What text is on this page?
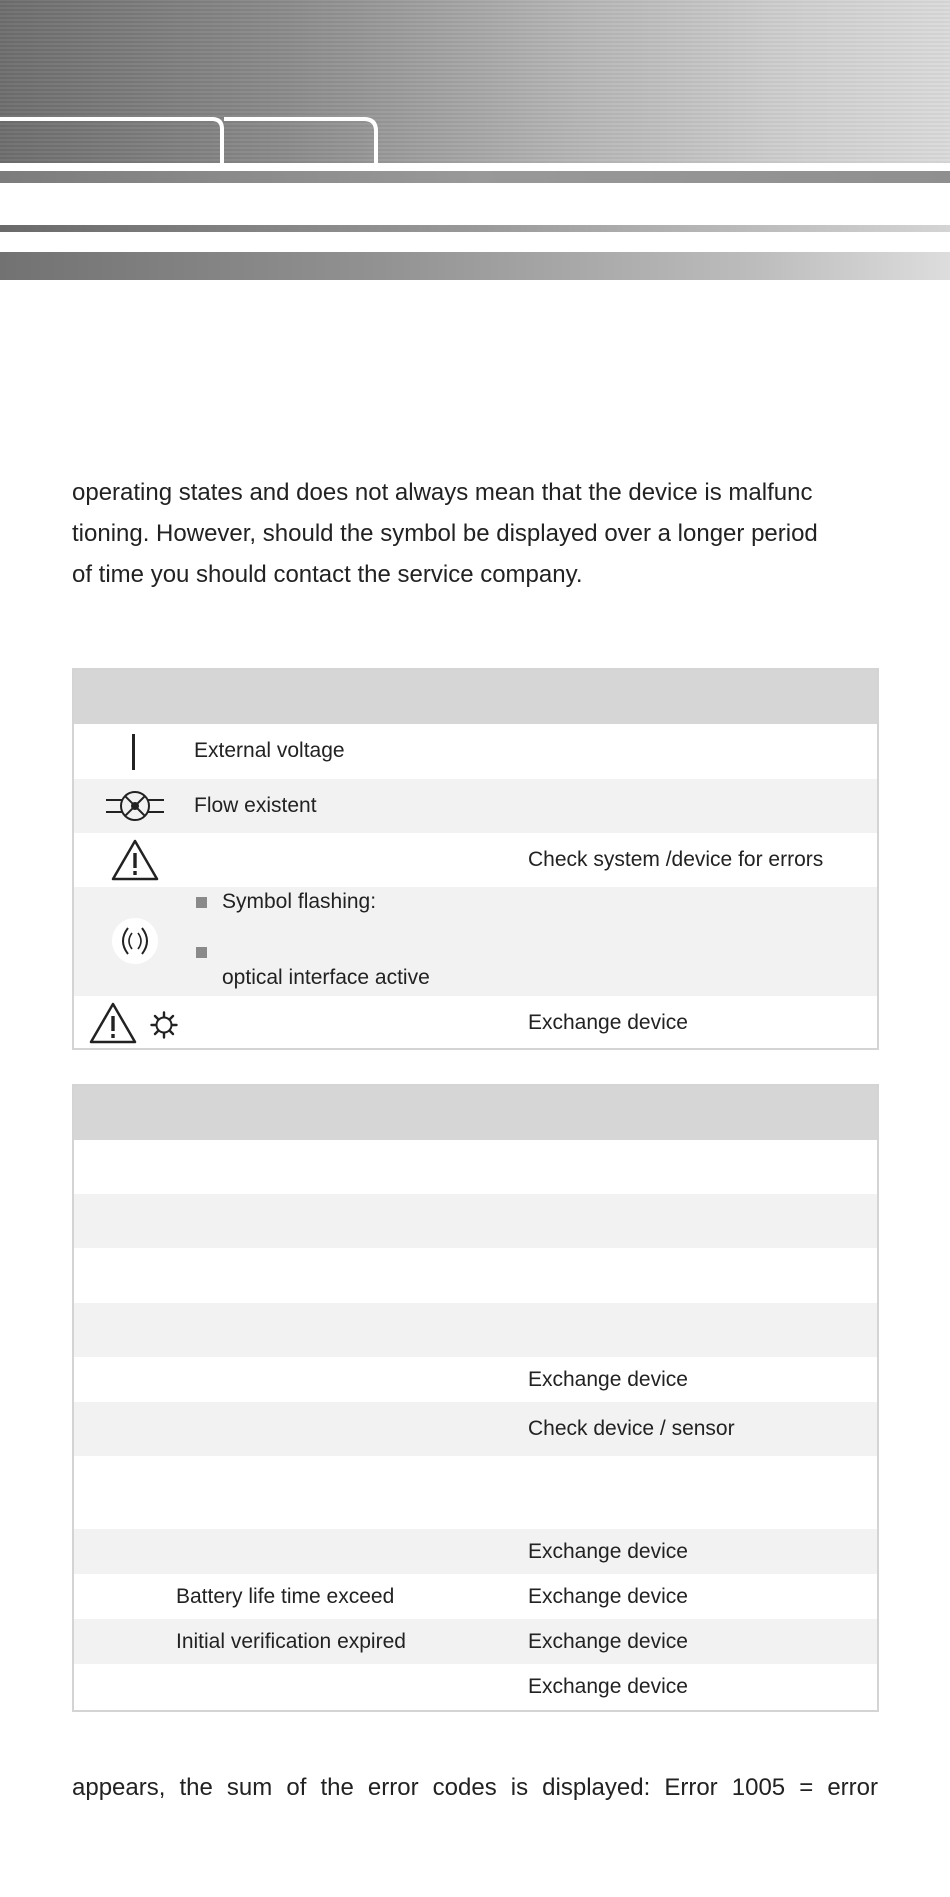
operating states and does not always mean that the device is malfunc
tioning. However, should the symbol be displayed over a longer period
of time you should contact the service company.
External voltage
Flow existent
Check system /device for errors
Symbol flashing:
optical interface active
Exchange device
Exchange device
Check device / sensor
Exchange device
Battery life time exceed	Exchange device
Initial verification expired	Exchange device
Exchange device
appears, the sum of the error codes is displayed: Error 1005 = error
